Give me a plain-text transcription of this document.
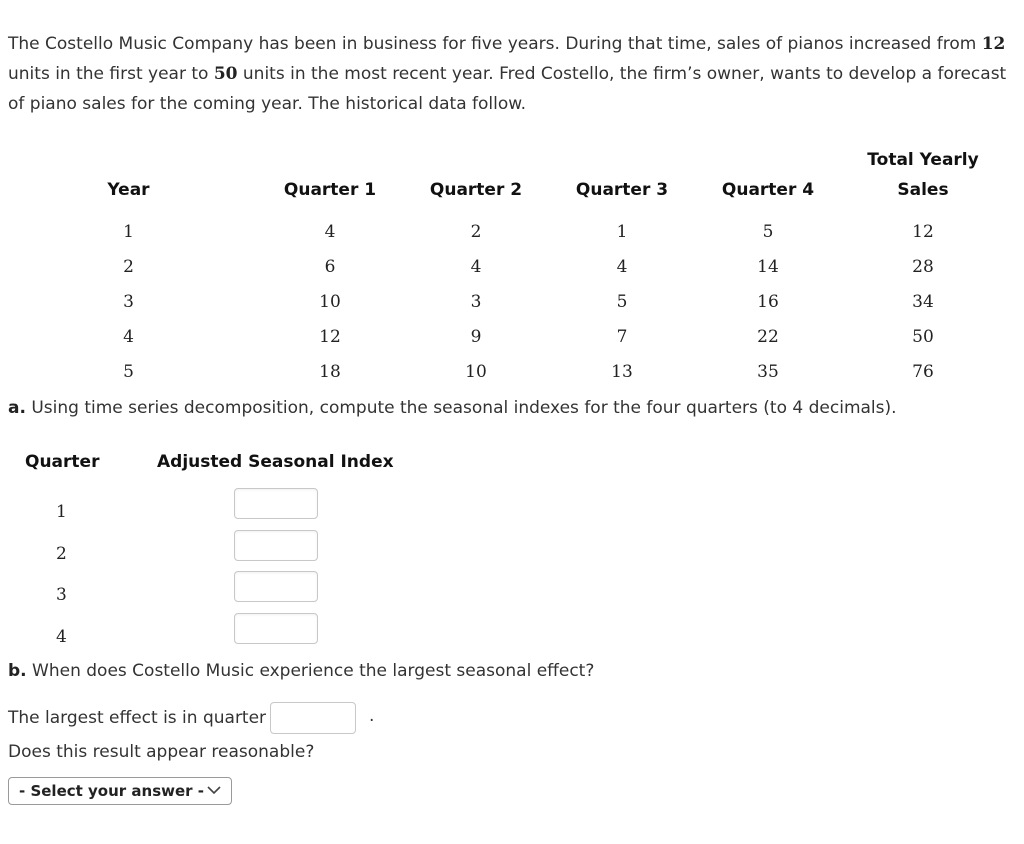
The Costello Music Company has been in business for five years. During that time, sales of pianos increased from 12 units in the first year to 50 units in the most recent year. Fred Costello, the firm’s owner, wants to develop a forecast of piano sales for the coming year. The historical data follow.
Year	Quarter 1	Quarter 2	Quarter 3	Quarter 4	Total Yearly
Sales
1	4	2	1	5	12
2	6	4	4	14	28
3	10	3	5	16	34
4	12	9	7	22	50
5	18	10	13	35	76
a. Using time series decomposition, compute the seasonal indexes for the four quarters (to 4 decimals).
Quarter	Adjusted Seasonal Index
1
2
3
4
b. When does Costello Music experience the largest seasonal effect?
The largest effect is in quarter	.
Does this result appear reasonable?
- Select your answer -
